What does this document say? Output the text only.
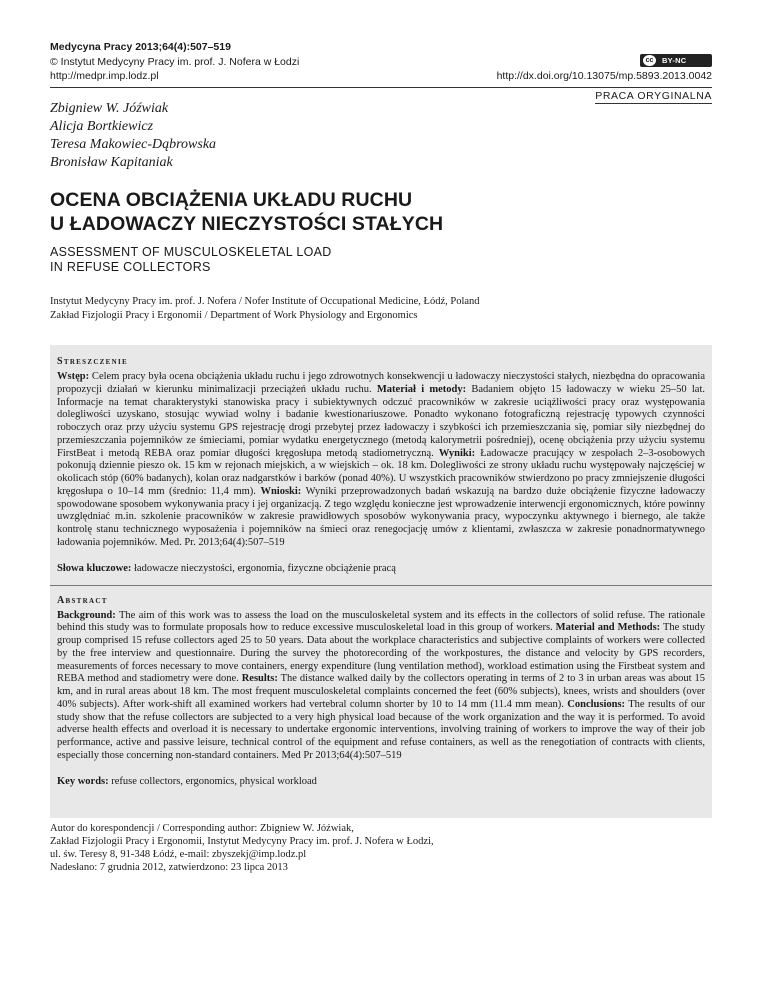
Medycyna Pracy 2013;64(4):507–519
© Instytut Medycyny Pracy im. prof. J. Nofera w Łodzi
http://medpr.imp.lodz.pl
cc	BY-NC
http://dx.doi.org/10.13075/mp.5893.2013.0042
PRACA ORYGINALNA
Zbigniew W. Jóźwiak
Alicja Bortkiewicz
Teresa Makowiec-Dąbrowska
Bronisław Kapitaniak
OCENA OBCIĄŻENIA UKŁADU RUCHU
U ŁADOWACZY NIECZYSTOŚCI STAŁYCH
ASSESSMENT OF MUSCULOSKELETAL LOAD
IN REFUSE COLLECTORS
Instytut Medycyny Pracy im. prof. J. Nofera / Nofer Institute of Occupational Medicine, Łódź, Poland
Zakład Fizjologii Pracy i Ergonomii / Department of Work Physiology and Ergonomics
Streszczenie
Wstęp: Celem pracy była ocena obciążenia układu ruchu i jego zdrowotnych konsekwencji u ładowaczy nieczystości stałych, niezbędna do opracowania propozycji działań w kierunku minimalizacji przeciążeń układu ruchu. Materiał i metody: Badaniem objęto 15 ładowaczy w wieku 25–50 lat. Informacje na temat charakterystyki stanowiska pracy i subiektywnych odczuć pracowników w zakresie uciążliwości pracy oraz występowania dolegliwości uzyskano, stosując wywiad wolny i badanie kwestionariuszowe. Ponadto wykonano fotograficzną rejestrację typowych czynności roboczych oraz przy użyciu systemu GPS rejestrację drogi przebytej przez ładowaczy i szybkości ich przemieszczania się, pomiar siły niezbędnej do przemieszczania pojemników ze śmieciami, pomiar wydatku energetycznego (metodą kalorymetrii pośredniej), ocenę obciążenia przy użyciu systemu FirstBeat i metodą REBA oraz pomiar długości kręgosłupa metodą stadiometryczną. Wyniki: Ładowacze pracujący w zespołach 2–3-osobowych pokonują dziennie pieszo ok. 15 km w rejonach miejskich, a w wiejskich – ok. 18 km. Dolegliwości ze strony układu ruchu występowały najczęściej w okolicach stóp (60% badanych), kolan oraz nadgarstków i barków (ponad 40%). U wszystkich pracowników stwierdzono po pracy zmniejszenie długości kręgosłupa o 10–14 mm (średnio: 11,4 mm). Wnioski: Wyniki przeprowadzonych badań wskazują na bardzo duże obciążenie fizyczne ładowaczy spowodowane sposobem wykonywania pracy i jej organizacją. Z tego względu konieczne jest wprowadzenie interwencji ergonomicznych, które powinny uwzględniać m.in. szkolenie pracowników w zakresie prawidłowych sposobów wykonywania pracy, wypoczynku aktywnego i biernego, ale także kontrolę stanu technicznego wyposażenia i pojemników na śmieci oraz renegocjację umów z klientami, zwłaszcza w zakresie ponadnormatywnego ładowania pojemników. Med. Pr. 2013;64(4):507–519
Słowa kluczowe: ładowacze nieczystości, ergonomia, fizyczne obciążenie pracą
Abstract
Background: The aim of this work was to assess the load on the musculoskeletal system and its effects in the collectors of solid refuse. The rationale behind this study was to formulate proposals how to reduce excessive musculoskeletal load in this group of workers. Material and Methods: The study group comprised 15 refuse collectors aged 25 to 50 years. Data about the workplace characteristics and subjective complaints of workers were collected by the free interview and questionnaire. During the survey the photorecording of the workpostures, the distance and velocity by GPS recorders, measurements of forces necessary to move containers, energy expenditure (lung ventilation method), workload estimation using the Firstbeat system and REBA method and stadiometry were done. Results: The distance walked daily by the collectors operating in terms of 2 to 3 in urban areas was about 15 km, and in rural areas about 18 km. The most frequent musculoskeletal complaints concerned the feet (60% subjects), knees, wrists and shoulders (over 40% subjects). After work-shift all examined workers had vertebral column shorter by 10 to 14 mm (11.4 mm mean). Conclusions: The results of our study show that the refuse collectors are subjected to a very high physical load because of the work organization and the way it is performed. To avoid adverse health effects and overload it is necessary to undertake ergonomic interventions, involving training of workers to improve the way of their job performance, active and passive leisure, technical control of the equipment and refuse containers, as well as the renegotiation of contracts with clients, especially those concerning non-standard containers. Med Pr 2013;64(4):507–519
Key words: refuse collectors, ergonomics, physical workload
Autor do korespondencji / Corresponding author: Zbigniew W. Jóźwiak,
Zakład Fizjologii Pracy i Ergonomii, Instytut Medycyny Pracy im. prof. J. Nofera w Łodzi,
ul. św. Teresy 8, 91-348 Łódź, e-mail: zbyszekj@imp.lodz.pl
Nadesłano: 7 grudnia 2012, zatwierdzono: 23 lipca 2013
